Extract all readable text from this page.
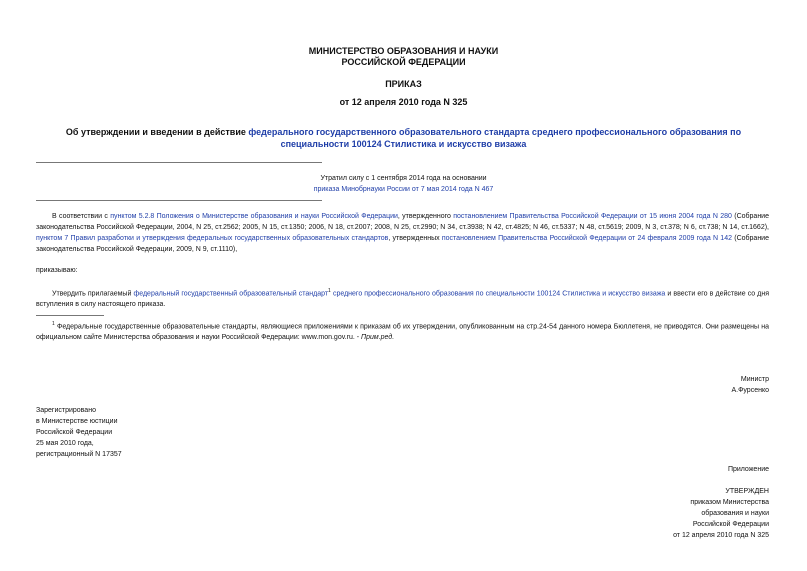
МИНИСТЕРСТВО ОБРАЗОВАНИЯ И НАУКИ
РОССИЙСКОЙ ФЕДЕРАЦИИ
ПРИКАЗ
от 12 апреля 2010 года N 325
Об утверждении и введении в действие федерального государственного образовательного стандарта среднего профессионального образования по
специальности 100124 Стилистика и искусство визажа
Утратил силу с 1 сентября 2014 года на основании
приказа Минобрнауки России от 7 мая 2014 года N 467

В соответствии с пунктом 5.2.8 Положения о Министерстве образования и науки Российской Федерации, утвержденного постановлением Правительства Российской Федерации от 15 июня 2004 года N 280 (Собрание законодательства Российской Федерации, 2004, N 25, ст.2562; 2005, N 15, ст.1350; 2006, N 18, ст.2007; 2008, N 25, ст.2990; N 34, ст.3938; N 42, ст.4825; N 46, ст.5337; N 48, ст.5619; 2009, N 3, ст.378; N 6, ст.738; N 14, ст.1662), пунктом 7 Правил разработки и утверждения федеральных государственных образовательных стандартов, утвержденных постановлением Правительства Российской Федерации от 24 февраля 2009 года N 142 (Собрание законодательства Российской Федерации, 2009, N 9, ст.1110),

приказываю:

Утвердить прилагаемый федеральный государственный образовательный стандарт$^1$ среднего профессионального образования по специальности 100124 Стилистика и искусство визажа и ввести его в действие со дня вступления в силу настоящего приказа.

$^1$ Федеральные государственные образовательные стандарты, являющиеся приложениями к приказам об их утверждении, опубликованным на стр.24-54 данного номера Бюллетеня, не приводятся. Они размещены на официальном сайте Министерства образования и науки Российской Федерации: www.mon.gov.ru. - Прим.ред.

Министр
А.Фурсенко
Зарегистрировано
в Министерстве юстиции
Российской Федерации
25 мая 2010 года,
регистрационный N 17357
Приложение
УТВЕРЖДЕН
приказом Министерства
образования и науки
Российской Федерации
от 12 апреля 2010 года N 325
